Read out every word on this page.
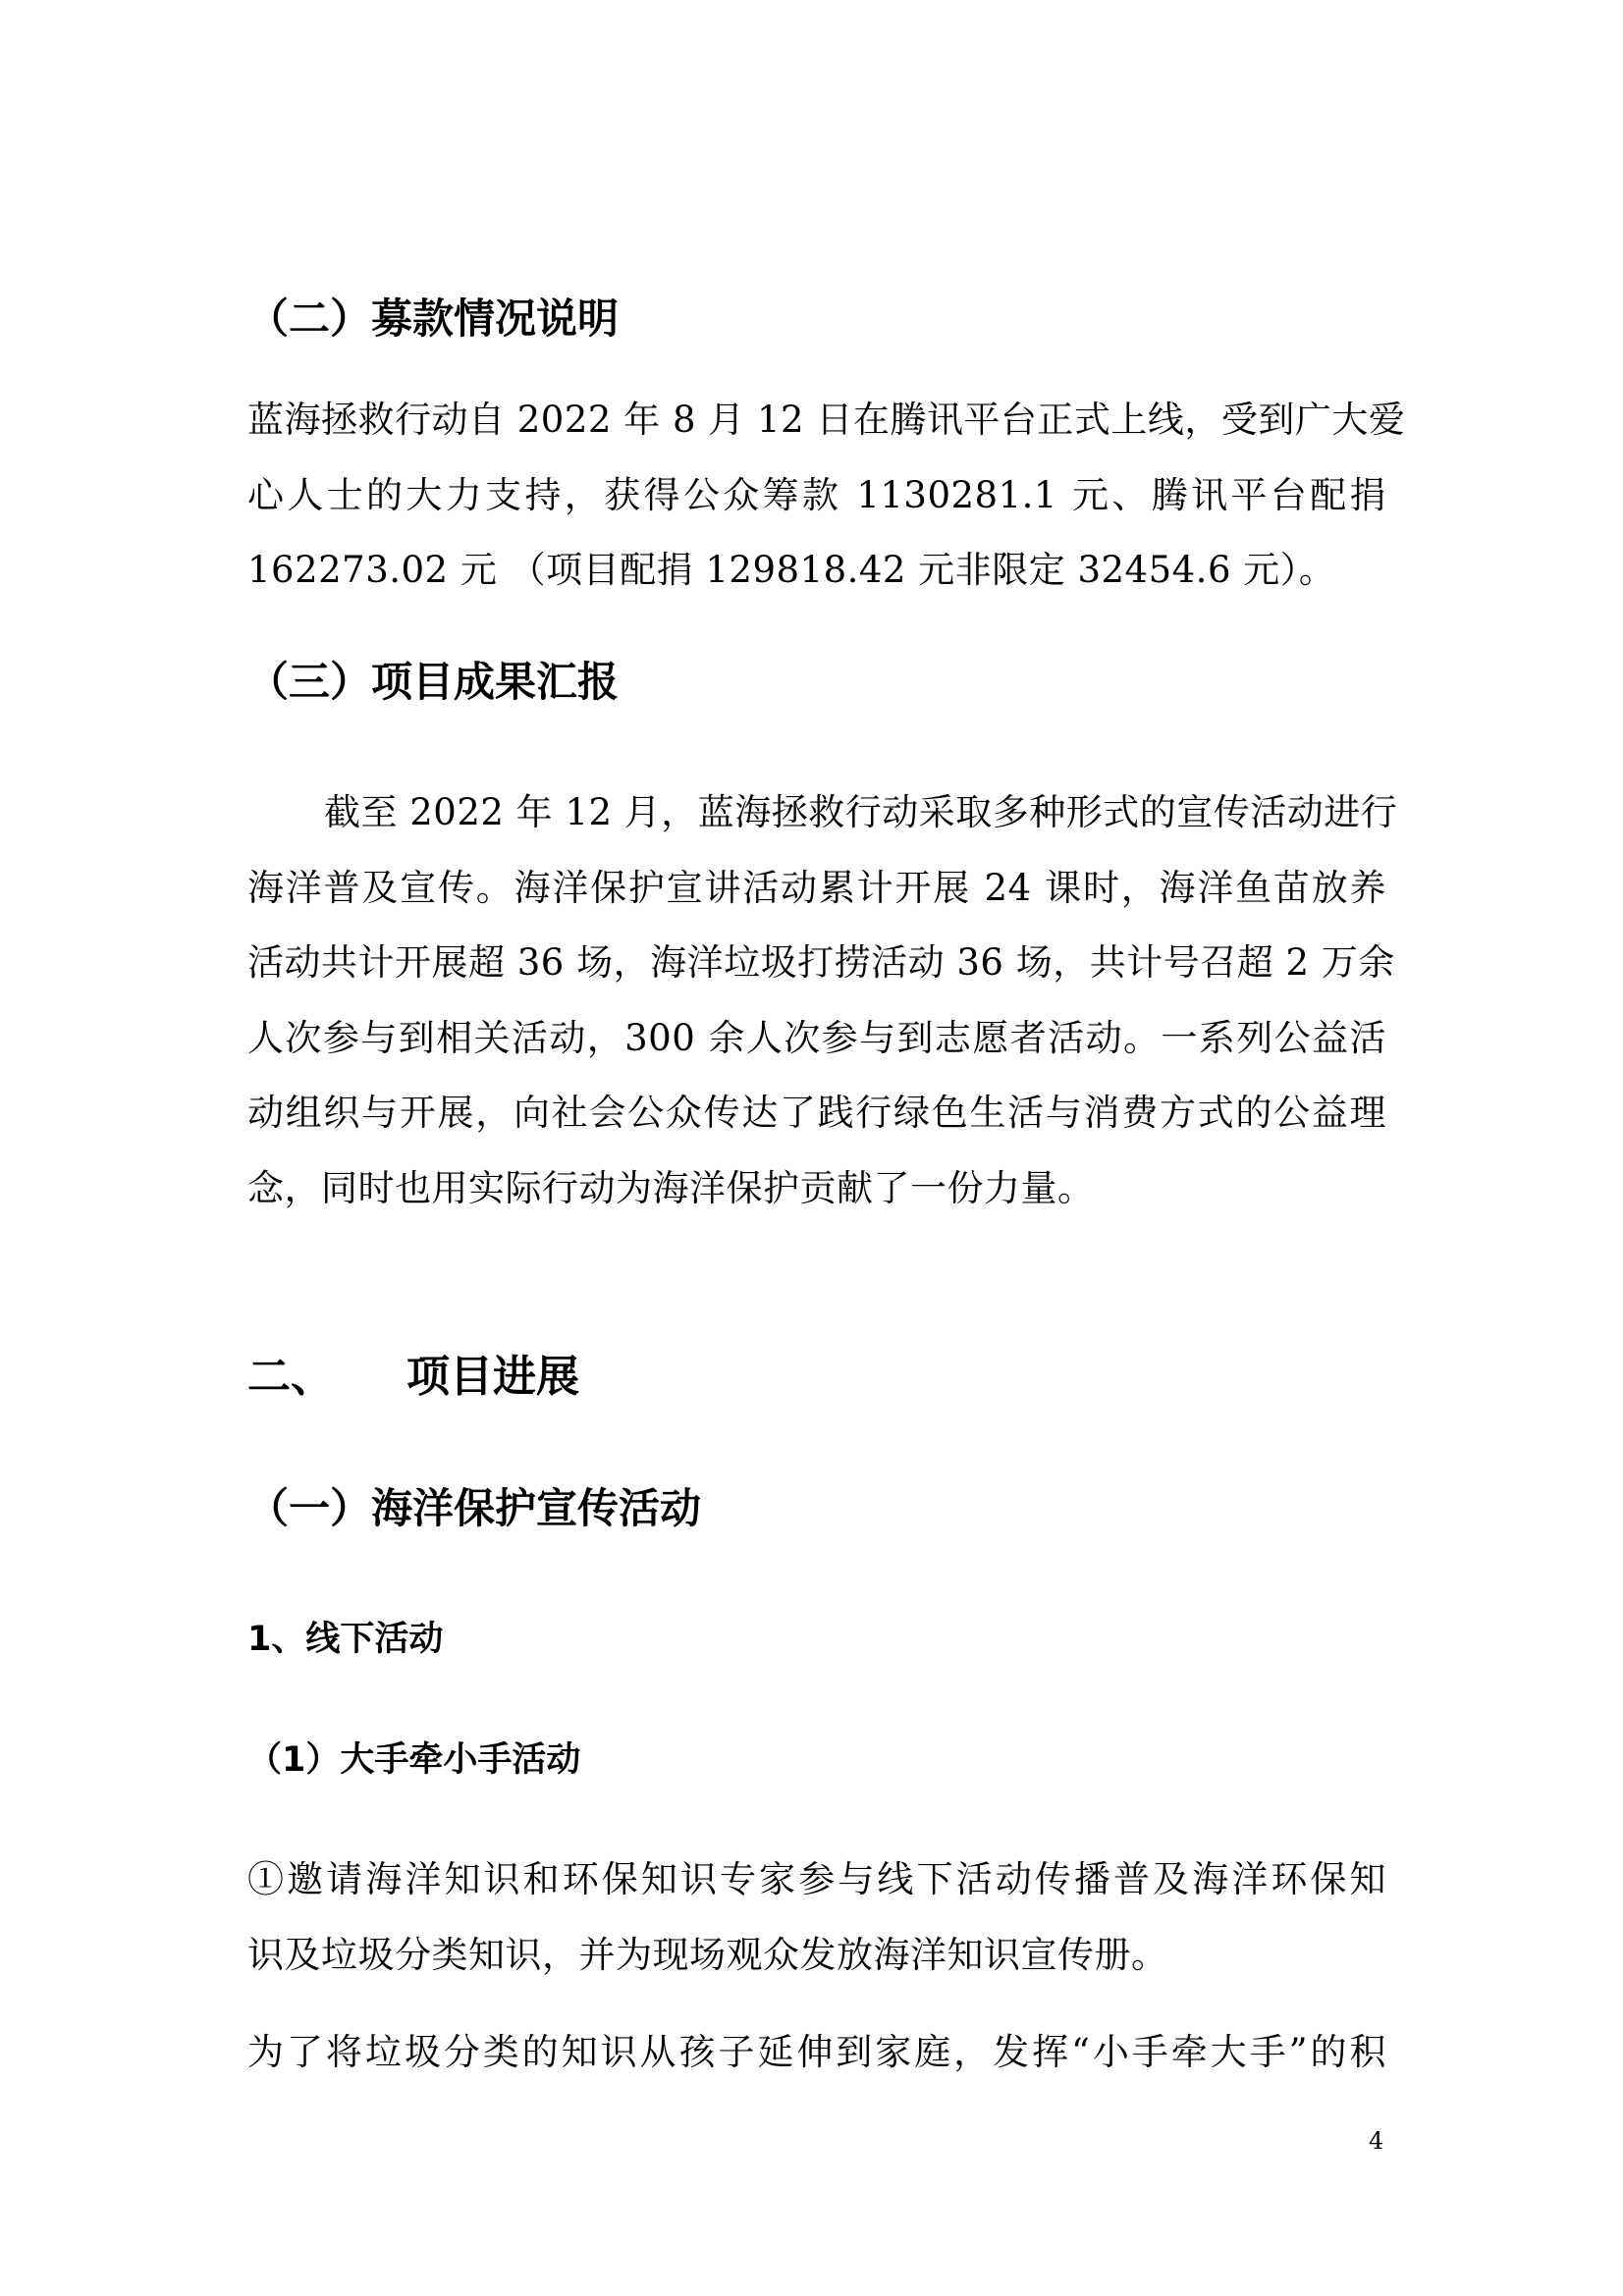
（二）募款情况说明
蓝海拯救行动自 2022 年 8 月 12 日在腾讯平台正式上线，受到广大爱
心人士的大力支持，获得公众筹款 1130281.1 元、腾讯平台配捐
162273.02 元 （项目配捐 129818.42 元非限定 32454.6 元）。
（三）项目成果汇报
截至 2022 年 12 月，蓝海拯救行动采取多种形式的宣传活动进行
海洋普及宣传。海洋保护宣讲活动累计开展 24 课时，海洋鱼苗放养
活动共计开展超 36 场，海洋垃圾打捞活动 36 场，共计号召超 2 万余
人次参与到相关活动，300 余人次参与到志愿者活动。一系列公益活
动组织与开展，向社会公众传达了践行绿色生活与消费方式的公益理
念，同时也用实际行动为海洋保护贡献了一份力量。
二、 项目进展
（一）海洋保护宣传活动
1、线下活动
（1）大手牵小手活动
①邀请海洋知识和环保知识专家参与线下活动传播普及海洋环保知
识及垃圾分类知识，并为现场观众发放海洋知识宣传册。
为了将垃圾分类的知识从孩子延伸到家庭，发挥“小手牵大手”的积
4
